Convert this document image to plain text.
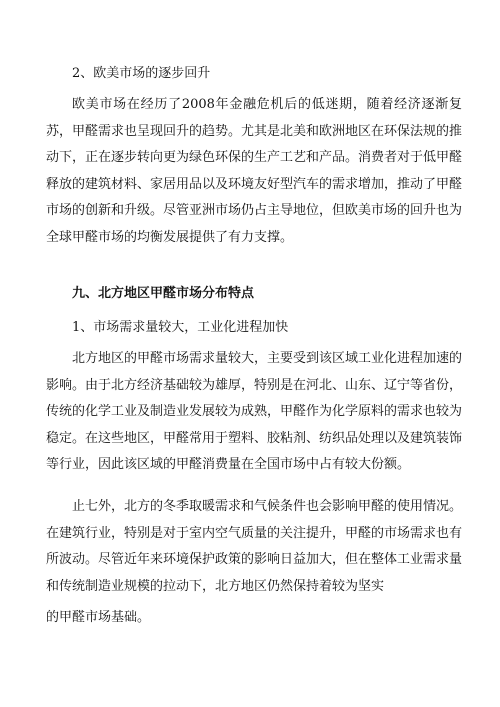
2、欧美市场的逐步回升

欧美市场在经历了2008年金融危机后的低迷期，随着经济逐渐复苏，甲醛需求也呈现回升的趋势。尤其是北美和欧洲地区在环保法规的推动下，正在逐步转向更为绿色环保的生产工艺和产品。消费者对于低甲醛释放的建筑材料、家居用品以及环境友好型汽车的需求增加，推动了甲醛市场的创新和升级。尽管亚洲市场仍占主导地位，但欧美市场的回升也为全球甲醛市场的均衡发展提供了有力支撑。

九、北方地区甲醛市场分布特点
1、市场需求量较大，工业化进程加快

北方地区的甲醛市场需求量较大，主要受到该区域工业化进程加速的影响。由于北方经济基础较为雄厚，特别是在河北、山东、辽宁等省份，传统的化学工业及制造业发展较为成熟，甲醛作为化学原料的需求也较为稳定。在这些地区，甲醛常用于塑料、胶粘剂、纺织品处理以及建筑装饰等行业，因此该区域的甲醛消费量在全国市场中占有较大份额。

止七外，北方的冬季取暖需求和气候条件也会影响甲醛的使用情况。在建筑行业，特别是对于室内空气质量的关注提升，甲醛的市场需求也有所波动。尽管近年来环境保护政策的影响日益加大，但在整体工业需求量和传统制造业规模的拉动下，北方地区仍然保持着较为坚实

的甲醛市场基础。
